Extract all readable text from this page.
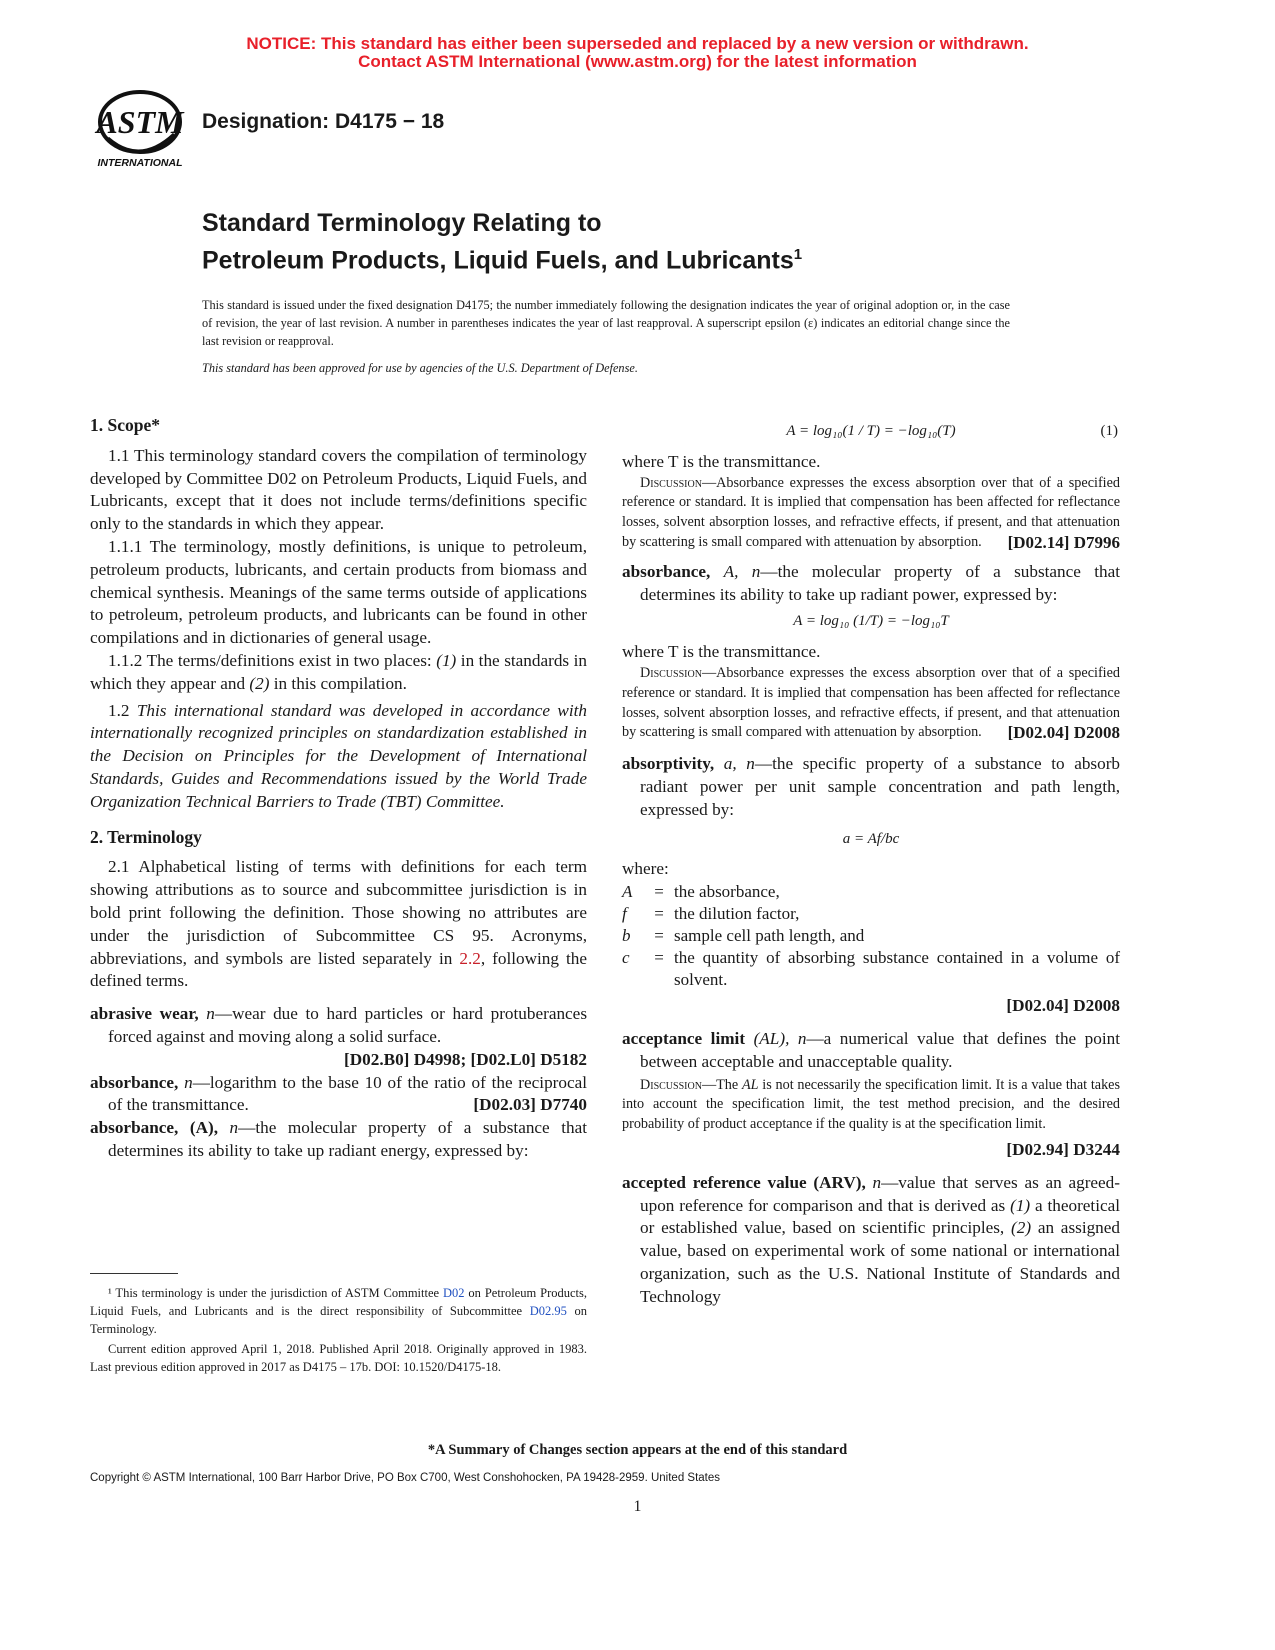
NOTICE: This standard has either been superseded and replaced by a new version or withdrawn.
Contact ASTM International (www.astm.org) for the latest information
ASTM
INTERNATIONAL
Designation: D4175 − 18
Standard Terminology Relating to
Petroleum Products, Liquid Fuels, and Lubricants$^1$
This standard is issued under the fixed designation D4175; the number immediately following the designation indicates the year of original adoption or, in the case of revision, the year of last revision. A number in parentheses indicates the year of last reapproval. A superscript epsilon (ε) indicates an editorial change since the last revision or reapproval.
This standard has been approved for use by agencies of the U.S. Department of Defense.
1. Scope*

1.1 This terminology standard covers the compilation of terminology developed by Committee D02 on Petroleum Products, Liquid Fuels, and Lubricants, except that it does not include terms/definitions specific only to the standards in which they appear.

1.1.1 The terminology, mostly definitions, is unique to petroleum, petroleum products, lubricants, and certain products from biomass and chemical synthesis. Meanings of the same terms outside of applications to petroleum, petroleum products, and lubricants can be found in other compilations and in dictionaries of general usage.

1.1.2 The terms/definitions exist in two places: (1) in the standards in which they appear and (2) in this compilation.

1.2 This international standard was developed in accordance with internationally recognized principles on standardization established in the Decision on Principles for the Development of International Standards, Guides and Recommendations issued by the World Trade Organization Technical Barriers to Trade (TBT) Committee.

2. Terminology

2.1 Alphabetical listing of terms with definitions for each term showing attributions as to source and subcommittee jurisdiction is in bold print following the definition. Those showing no attributes are under the jurisdiction of Subcommittee CS 95. Acronyms, abbreviations, and symbols are listed separately in 2.2, following the defined terms.

abrasive wear, n—wear due to hard particles or hard protuberances forced against and moving along a solid surface.

[D02.B0] D4998; [D02.L0] D5182

absorbance, n—logarithm to the base 10 of the ratio of the reciprocal of the transmittance.	[D02.03] D7740

absorbance, (A), n—the molecular property of a substance that determines its ability to take up radiant energy, expressed by:

¹ This terminology is under the jurisdiction of ASTM Committee D02 on Petroleum Products, Liquid Fuels, and Lubricants and is the direct responsibility of Subcommittee D02.95 on Terminology.
Current edition approved April 1, 2018. Published April 2018. Originally approved in 1983. Last previous edition approved in 2017 as D4175 – 17b. DOI: 10.1520/D4175-18.
A = log₁₀(1 / T) = −log₁₀(T)	(1)

where T is the transmittance.

Discussion—Absorbance expresses the excess absorption over that of a specified reference or standard. It is implied that compensation has been affected for reflectance losses, solvent absorption losses, and refractive effects, if present, and that attenuation by scattering is small compared with attenuation by absorption.	[D02.14] D7996

absorbance, A, n—the molecular property of a substance that determines its ability to take up radiant power, expressed by:

A = log₁₀ (1/T) = −log₁₀T

where T is the transmittance.

Discussion—Absorbance expresses the excess absorption over that of a specified reference or standard. It is implied that compensation has been affected for reflectance losses, solvent absorption losses, and refractive effects, if present, and that attenuation by scattering is small compared with attenuation by absorption.	[D02.04] D2008

absorptivity, a, n—the specific property of a substance to absorb radiant power per unit sample concentration and path length, expressed by:

a = Af/bc

where:

A	=	the absorbance,
f	=	the dilution factor,
b	=	sample cell path length, and
c	=	the quantity of absorbing substance contained in a volume of solvent.
[D02.04] D2008

acceptance limit (AL), n—a numerical value that defines the point between acceptable and unacceptable quality.

Discussion—The AL is not necessarily the specification limit. It is a value that takes into account the specification limit, the test method precision, and the desired probability of product acceptance if the quality is at the specification limit.

[D02.94] D3244

accepted reference value (ARV), n—value that serves as an agreed-upon reference for comparison and that is derived as (1) a theoretical or established value, based on scientific principles, (2) an assigned value, based on experimental work of some national or international organization, such as the U.S. National Institute of Standards and Technology

*A Summary of Changes section appears at the end of this standard
Copyright © ASTM International, 100 Barr Harbor Drive, PO Box C700, West Conshohocken, PA 19428-2959. United States
1
